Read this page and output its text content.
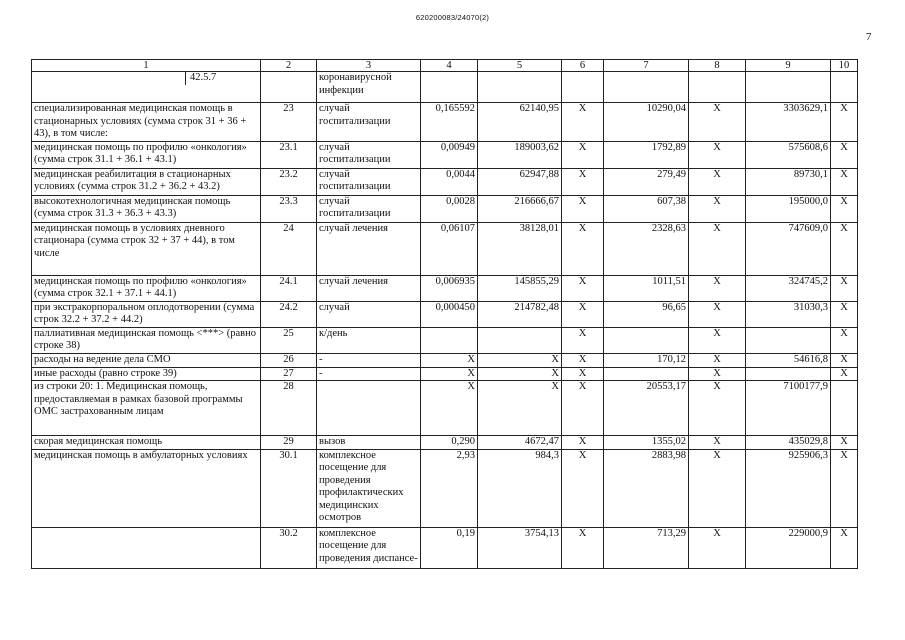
620200083/24070(2)
7
1	2	3	4	5	6	7	8	9	10
42.5.7		коронавирусной инфекции							
специализированная медицинская помощь в стационарных условиях (сумма строк 31 + 36 + 43), в том числе:	23	случай госпитализации	0,165592	62140,95	X	10290,04	X	3303629,1	X
медицинская помощь по профилю «онкология» (сумма строк 31.1 + 36.1 + 43.1)	23.1	случай госпитализации	0,00949	189003,62	X	1792,89	X	575608,6	X
медицинская реабилитация в стационарных условиях (сумма строк 31.2 + 36.2 + 43.2)	23.2	случай госпитализации	0,0044	62947,88	X	279,49	X	89730,1	X
высокотехнологичная медицинская помощь (сумма строк 31.3 + 36.3 + 43.3)	23.3	случай госпитализации	0,0028	216666,67	X	607,38	X	195000,0	X
медицинская помощь в условиях дневного стационара (сумма строк 32 + 37 + 44), в том числе	24	случай лечения	0,06107	38128,01	X	2328,63	X	747609,0	X
медицинская помощь по профилю «онкология» (сумма строк 32.1 + 37.1 + 44.1)	24.1	случай лечения	0,006935	145855,29	X	1011,51	X	324745,2	X
при экстракорпоральном оплодотворении (сумма строк 32.2 + 37.2 + 44.2)	24.2	случай	0,000450	214782,48	X	96,65	X	31030,3	X
паллиативная медицинская помощь <***> (равно строке 38)	25	к/день			X		X		X
расходы на ведение дела СМО	26	-	X	X	X	170,12	X	54616,8	X
иные расходы (равно строке 39)	27	-	X	X	X		X		X
из строки 20: 1. Медицинская помощь, предоставляемая в рамках базовой программы ОМС застрахованным лицам	28		X	X	X	20553,17	X	7100177,9	
скорая медицинская помощь	29	вызов	0,290	4672,47	X	1355,02	X	435029,8	X
медицинская помощь в амбулаторных условиях	30.1	комплексное посещение для проведения профилактических медицинских осмотров	2,93	984,3	X	2883,98	X	925906,3	X
	30.2	комплексное посещение для проведения диспансе-	0,19	3754,13	X	713,29	X	229000,9	X
